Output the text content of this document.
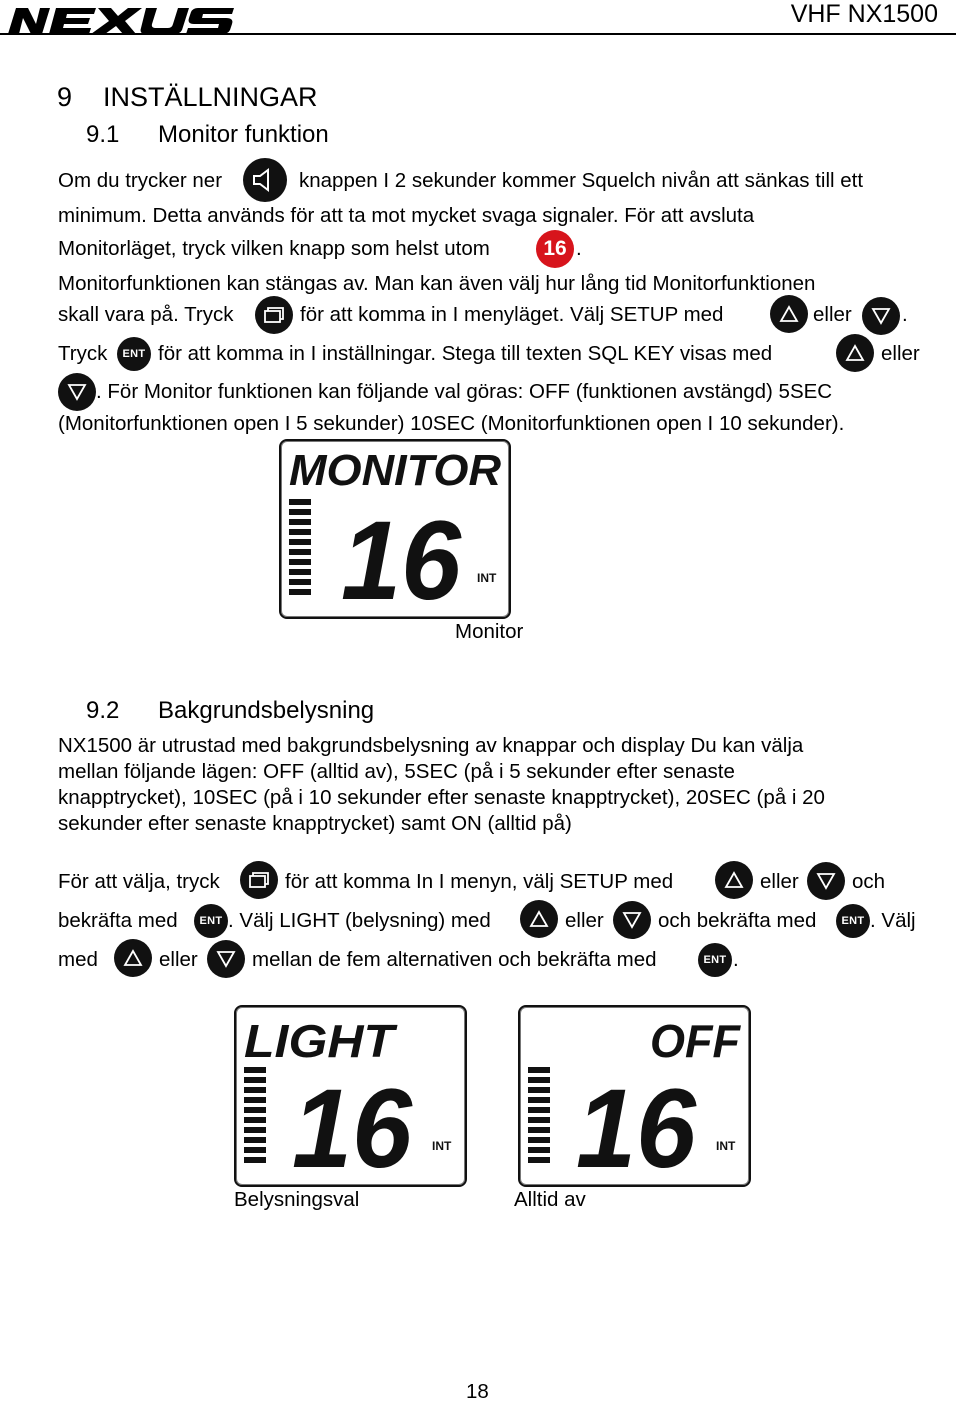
VHF NX1500
9 INSTÄLLNINGAR
9.1 Monitor funktion
Om du trycker ner	knappen I 2 sekunder kommer Squelch nivån att sänkas till ett
minimum. Detta används för att ta mot mycket svaga signaler. För att avsluta
Monitorläget, tryck vilken knapp som helst utom	16 .
Monitorfunktionen kan stängas av. Man kan även välj hur lång tid Monitorfunktionen
skall vara på. Tryck	för att komma in I menyläget. Välj SETUP med	eller .
Tryck ENT för att komma in I inställningar. Stega till texten SQL KEY visas med	eller
. För Monitor funktionen kan följande val göras: OFF (funktionen avstängd) 5SEC
(Monitorfunktionen open I 5 sekunder) 10SEC (Monitorfunktionen open I 10 sekunder).
MONITOR
16 INT
Monitor
9.2 Bakgrundsbelysning
NX1500 är utrustad med bakgrundsbelysning av knappar och display Du kan välja
mellan följande lägen: OFF (alltid av), 5SEC (på i 5 sekunder efter senaste
knapptrycket), 10SEC (på i 10 sekunder efter senaste knapptrycket), 20SEC (på i 20
sekunder efter senaste knapptrycket) samt ON (alltid på)
För att välja, tryck	för att komma In I menyn, välj SETUP med	eller	och
bekräfta med ENT . Välj LIGHT (belysning) med	eller	och bekräfta med ENT . Välj
med	eller	mellan de fem alternativen och bekräfta med	ENT .
LIGHT
16 INT
OFF
16 INT
Belysningsval	Alltid av
18
